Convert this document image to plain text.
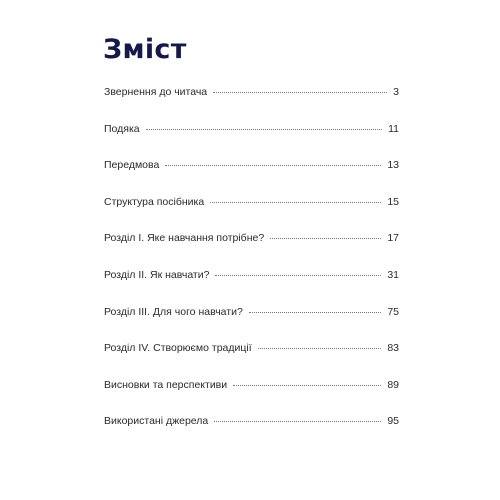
Зміст
Звернення до читача	3
Подяка	11
Передмова	13
Структура посібника	15
Розділ I. Яке навчання потрібне?	17
Розділ II. Як навчати?	31
Розділ III. Для чого навчати?	75
Розділ IV. Створюємо традиції	83
Висновки та перспективи	89
Використані джерела	95
